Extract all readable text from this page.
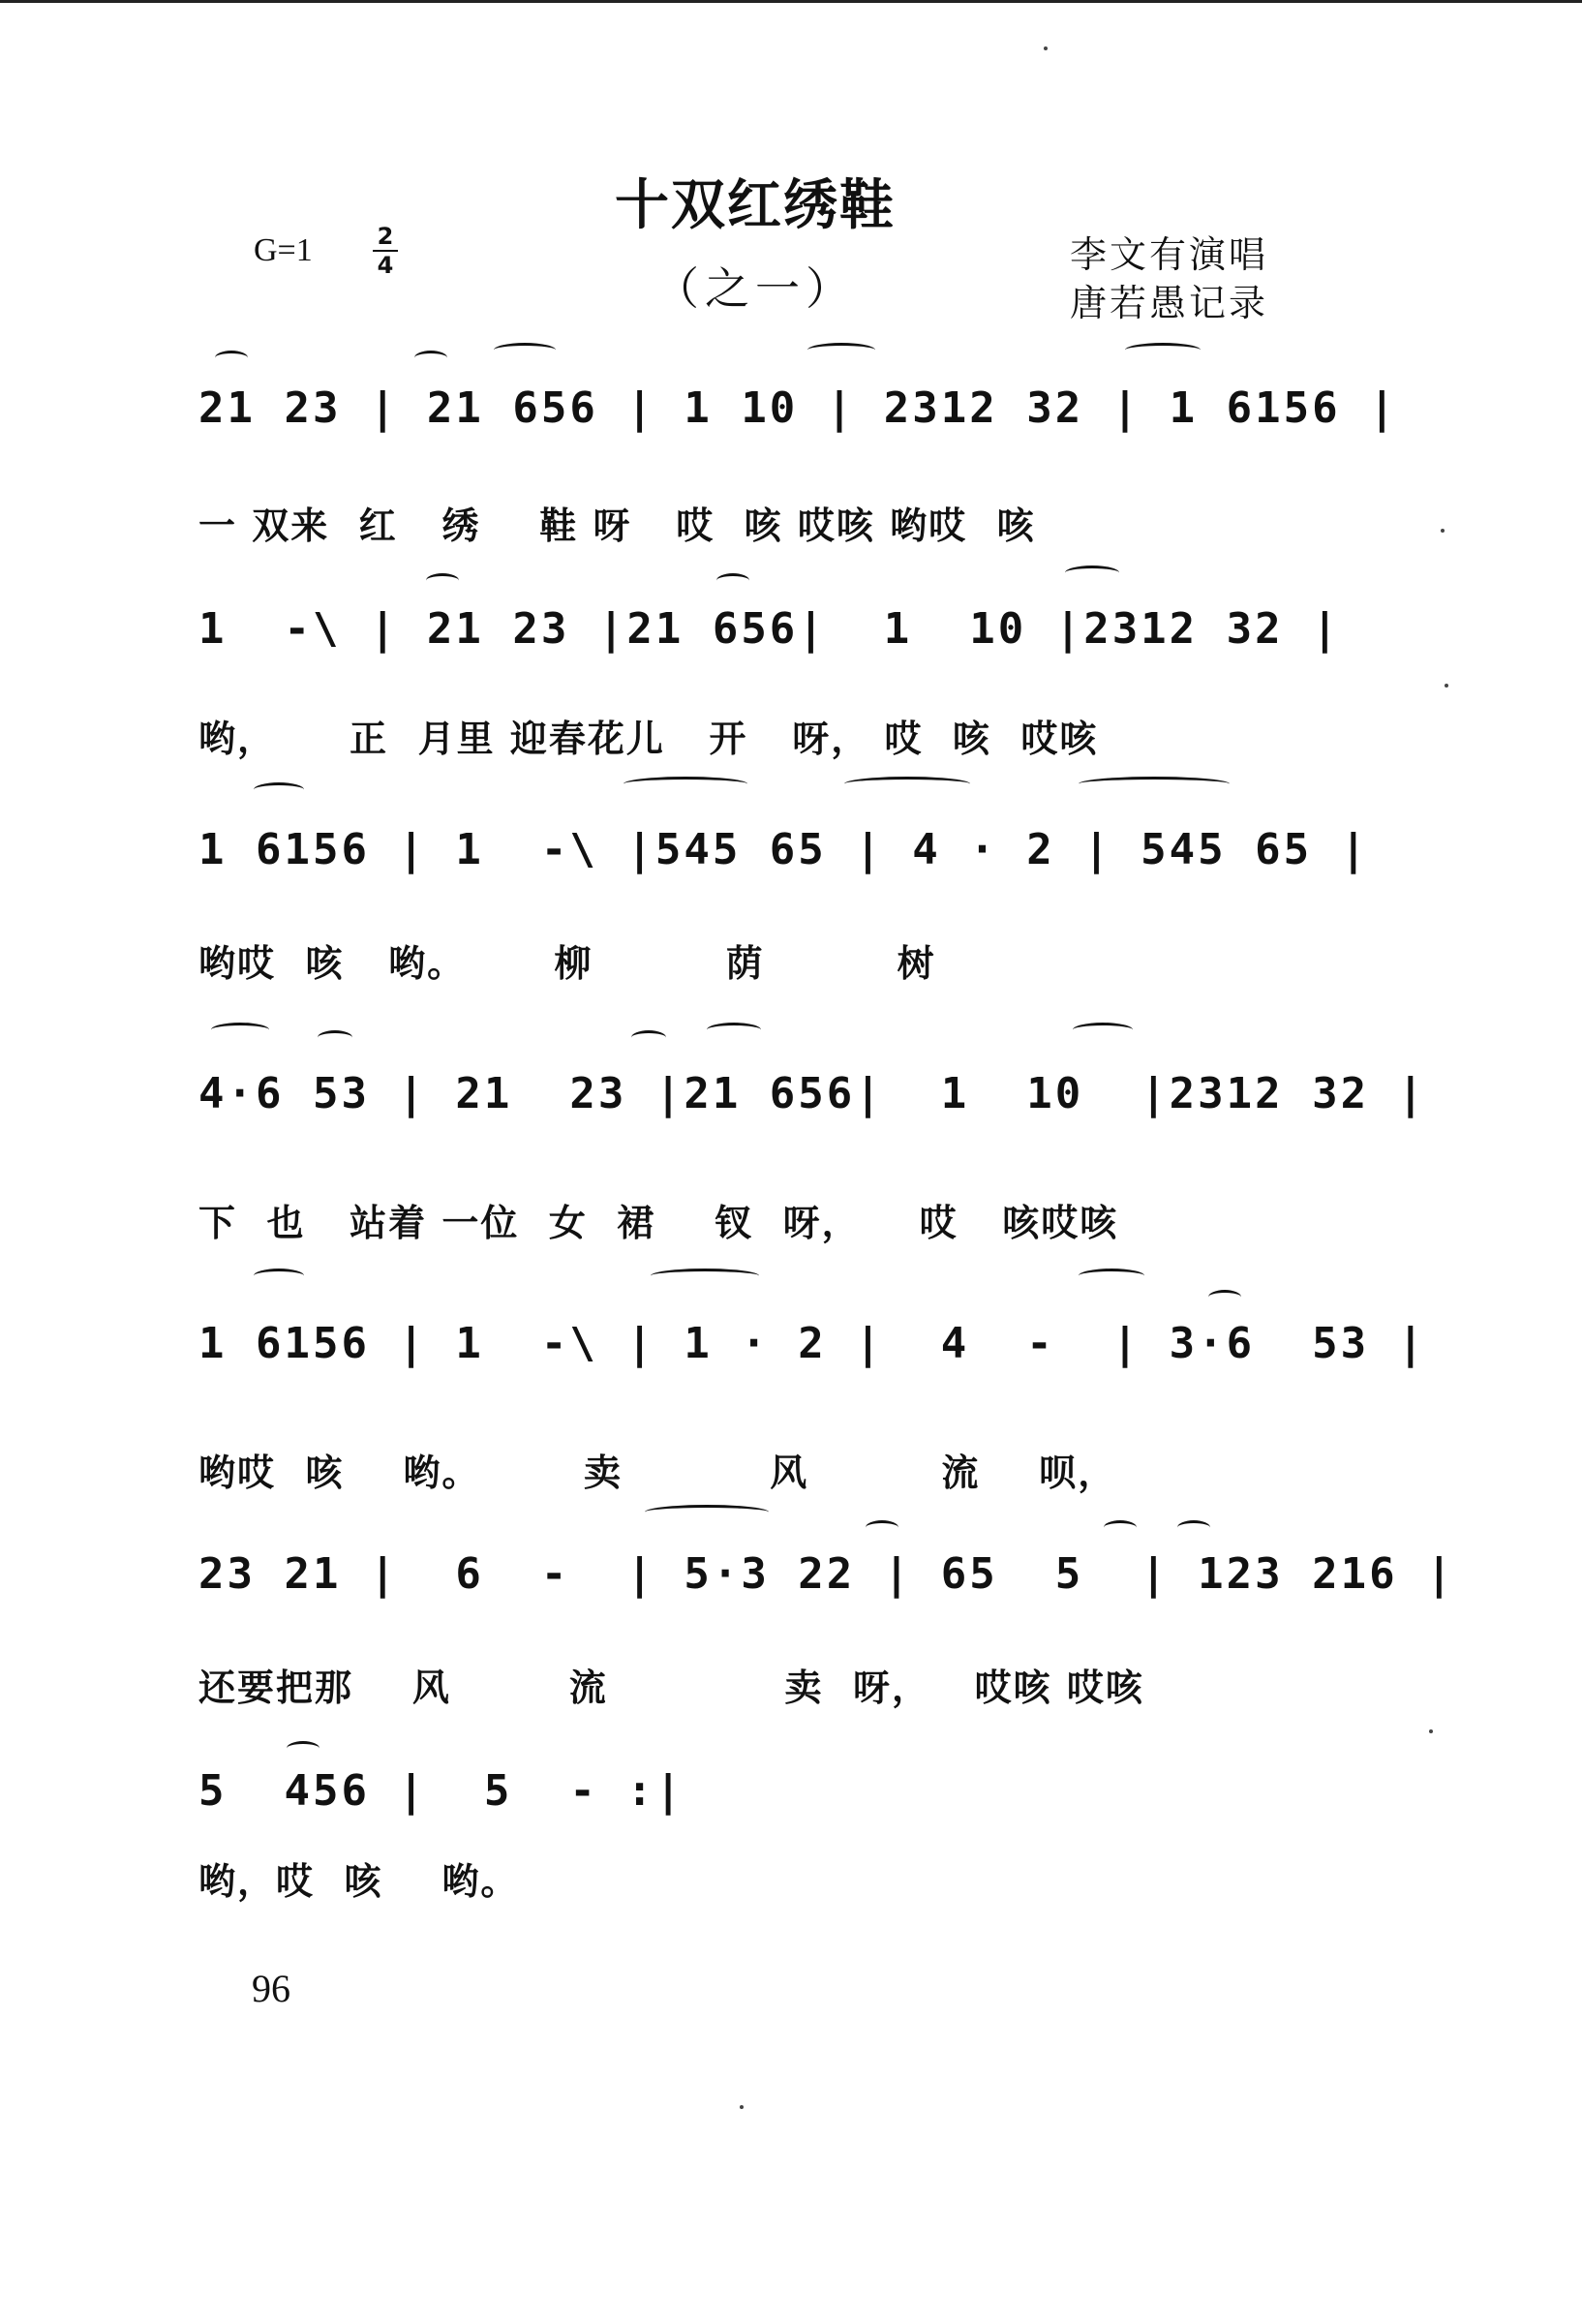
十双红绣鞋
（之一）
G=1	2
4	李文有演唱
唐若愚记录
21 23 | 21 656 | 1 10 | 2312 32 | 1 6156 |
一 双来  红   绣    鞋 呀   哎  咳 哎咳 哟哎  咳
1  -\ | 21 23 |21 656|  1  10 |2312 32 |
哟，     正  月里 迎春花儿   开   呀， 哎  咳  哎咳
1 6156 | 1  -\ |545 65 | 4 · 2 | 545 65 |
哟哎  咳   哟。      柳         荫         树
4·6 53 | 21  23 |21 656|  1  10  |2312 32 |
下  也   站着 一位  女  裙    钗  呀，    哎   咳哎咳
1 6156 | 1  -\ | 1 · 2 |  4  -  | 3·6  53 |
哟哎  咳    哟。       卖          风         流    呗，
23 21 |  6  -  | 5·3 22 | 65  5  | 123 216 |
还要把那    风        流            卖  呀，   哎咳 哎咳
5  456 |  5  - :|
哟，哎  咳    哟。
96
